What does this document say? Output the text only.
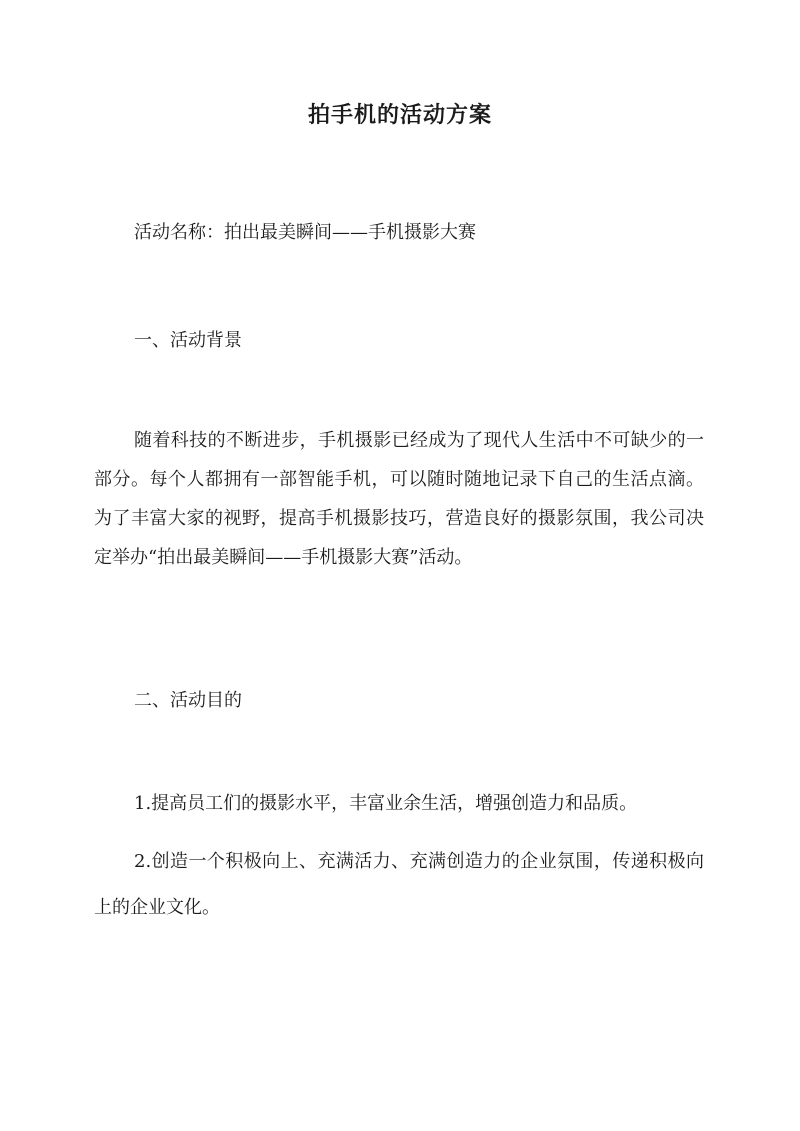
拍手机的活动方案
活动名称：拍出最美瞬间——手机摄影大赛
一、活动背景
随着科技的不断进步，手机摄影已经成为了现代人生活中不可缺少的一部分。每个人都拥有一部智能手机，可以随时随地记录下自己的生活点滴。为了丰富大家的视野，提高手机摄影技巧，营造良好的摄影氛围，我公司决定举办“拍出最美瞬间——手机摄影大赛”活动。
二、活动目的
1.提高员工们的摄影水平，丰富业余生活，增强创造力和品质。
2.创造一个积极向上、充满活力、充满创造力的企业氛围，传递积极向上的企业文化。
